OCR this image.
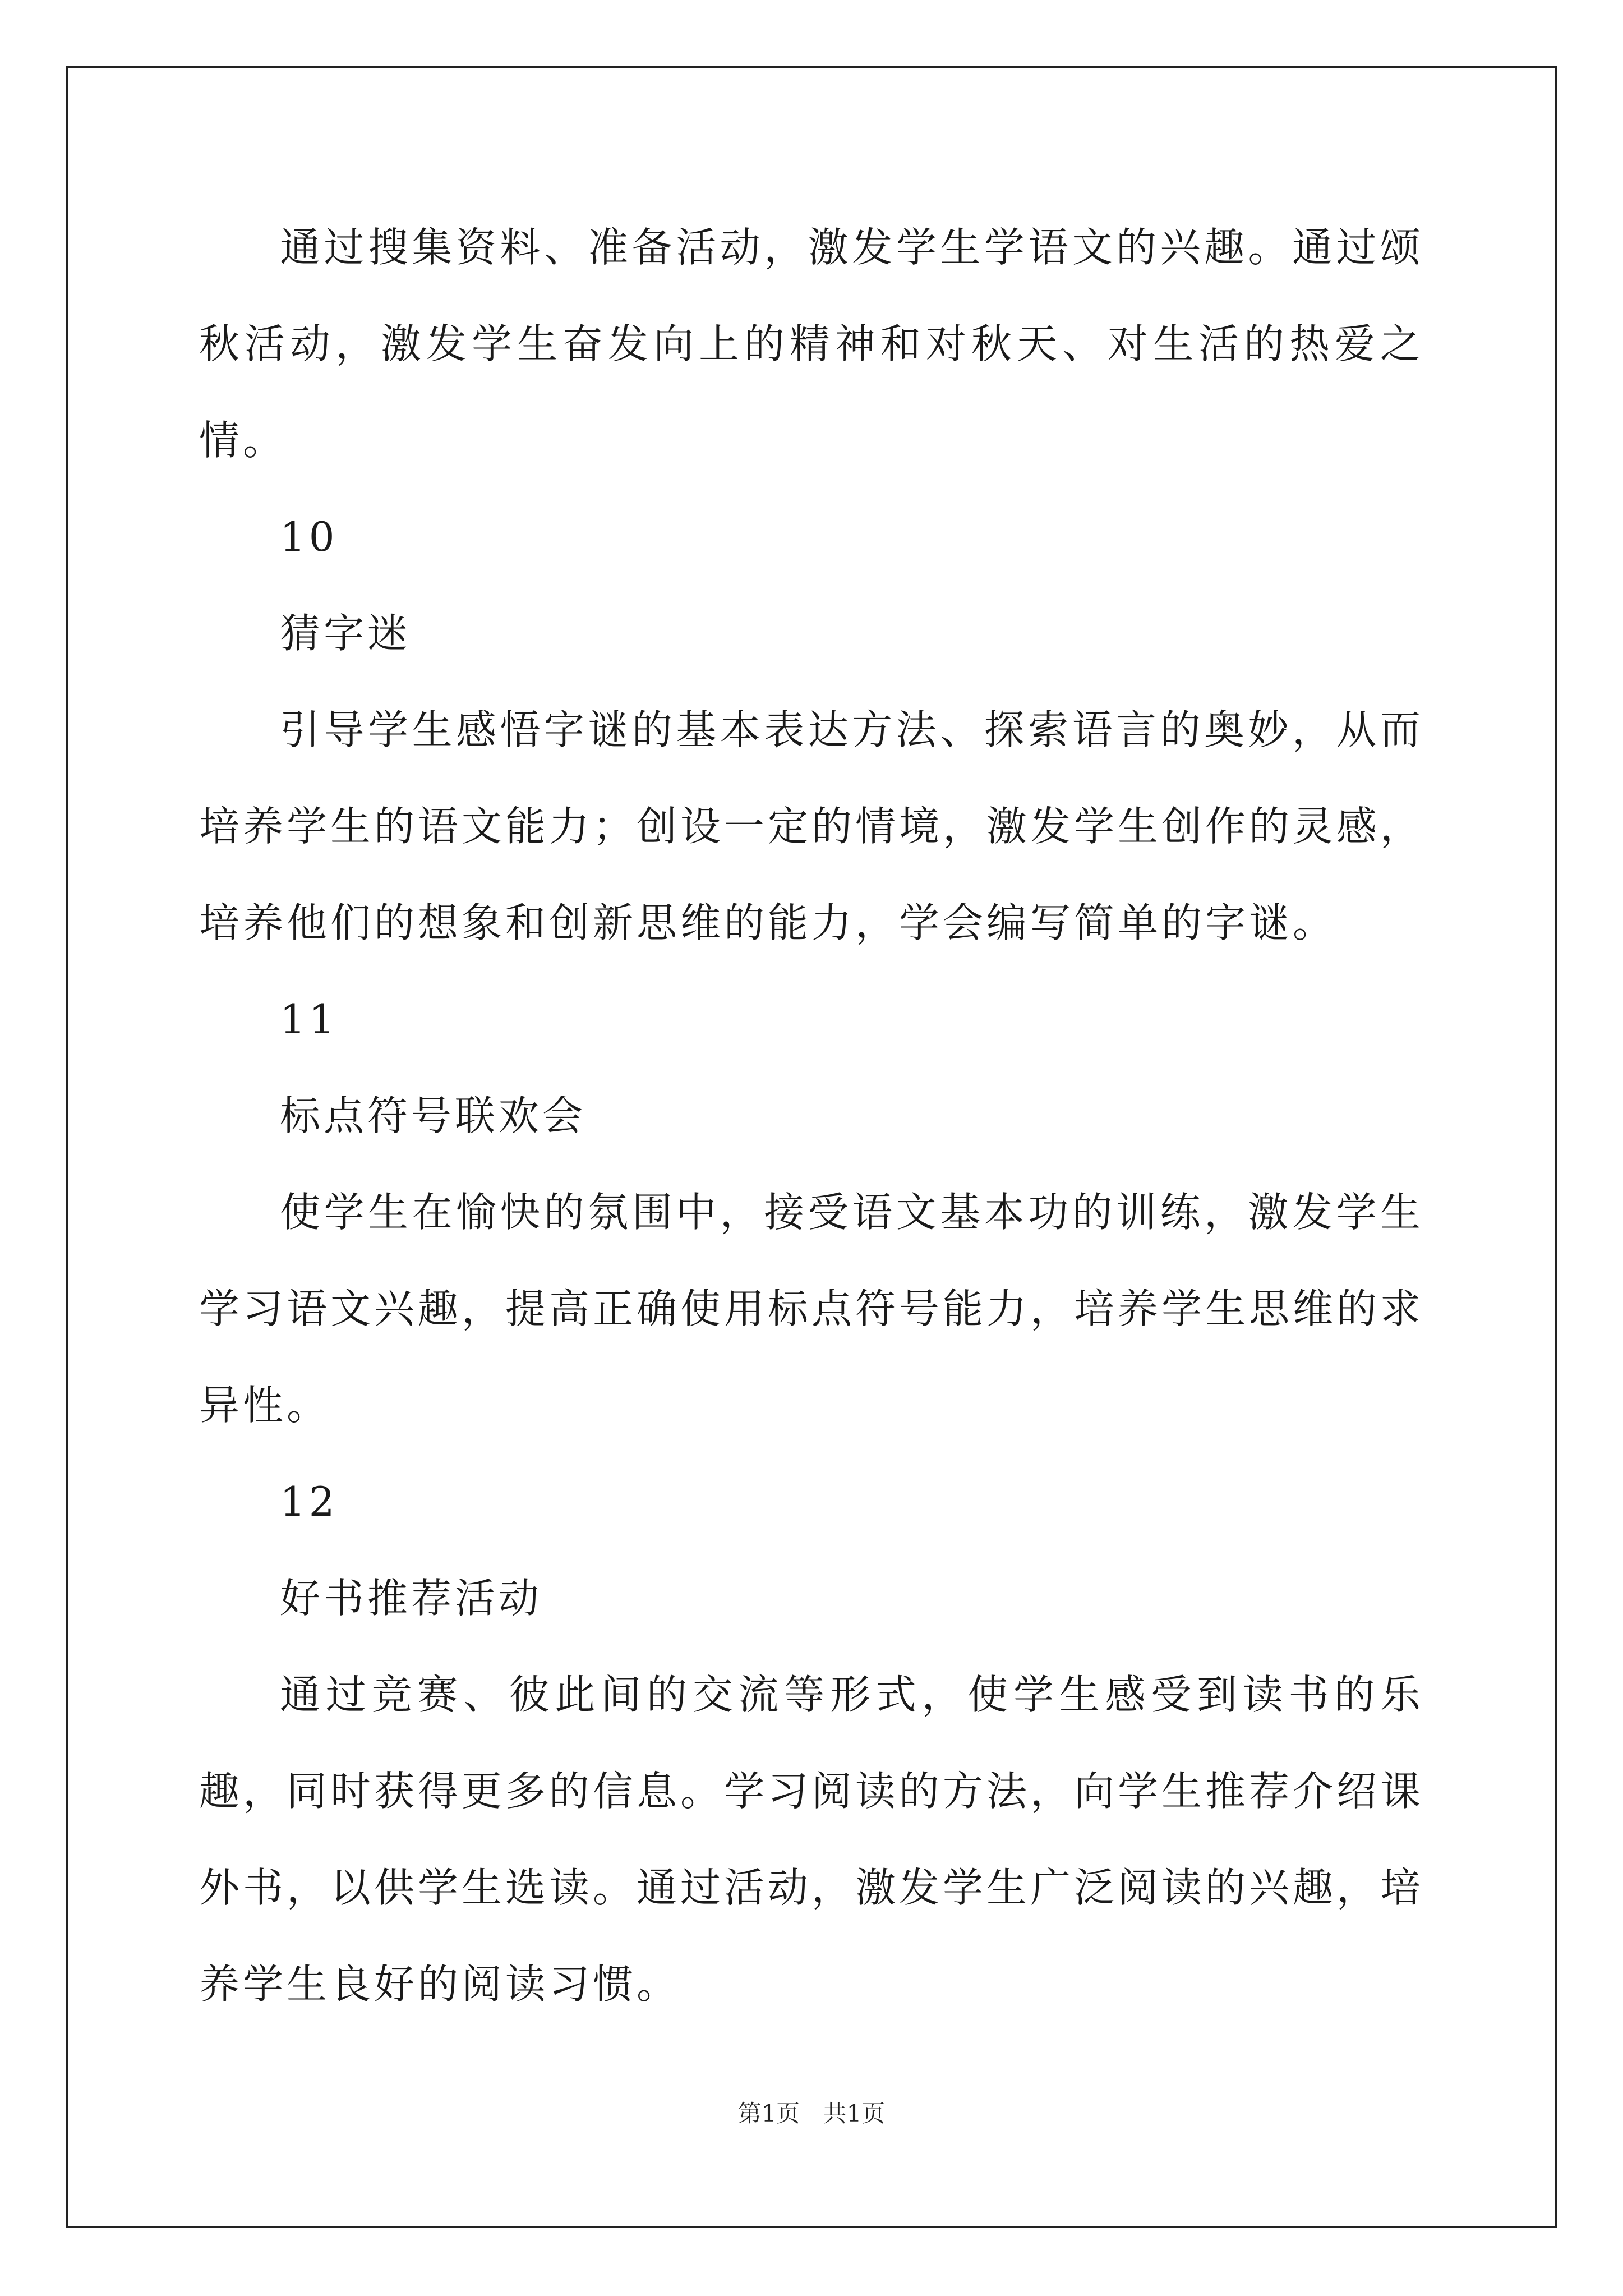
通过搜集资料、准备活动，激发学生学语文的兴趣。通过颂秋活动，激发学生奋发向上的精神和对秋天、对生活的热爱之情。

10

猜字迷

引导学生感悟字谜的基本表达方法、探索语言的奥妙，从而培养学生的语文能力；创设一定的情境，激发学生创作的灵感，培养他们的想象和创新思维的能力，学会编写简单的字谜。

11

标点符号联欢会

使学生在愉快的氛围中，接受语文基本功的训练，激发学生学习语文兴趣，提高正确使用标点符号能力，培养学生思维的求异性。

12

好书推荐活动

通过竞赛、彼此间的交流等形式，使学生感受到读书的乐趣，同时获得更多的信息。学习阅读的方法，向学生推荐介绍课外书，以供学生选读。通过活动，激发学生广泛阅读的兴趣，培养学生良好的阅读习惯。

第1页 共1页
